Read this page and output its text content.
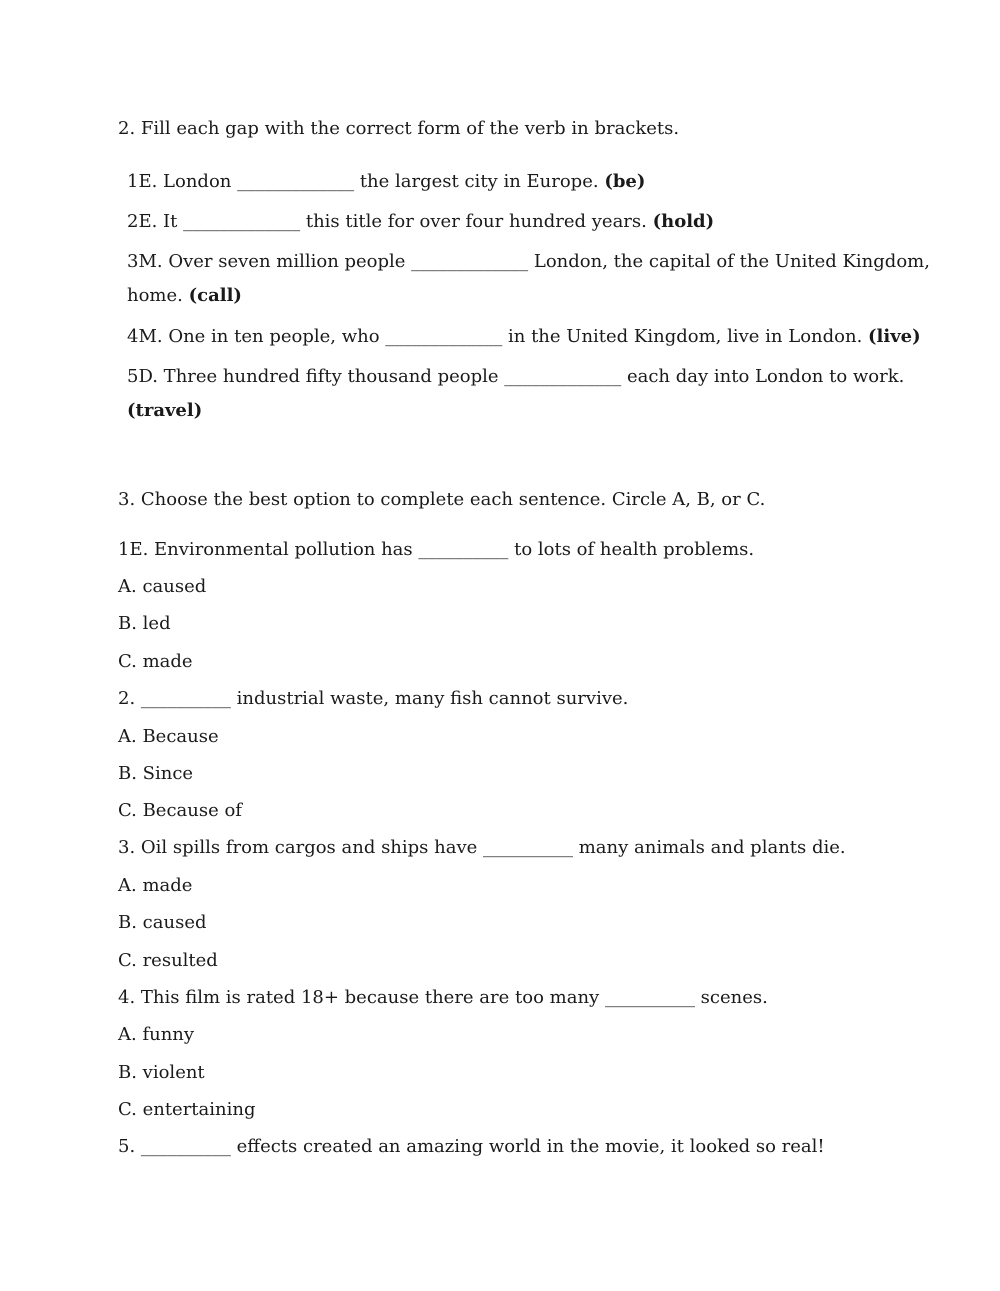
2. Fill each gap with the correct form of the verb in brackets.
1E. London _____________ the largest city in Europe. (be)
2E. It _____________ this title for over four hundred years. (hold)
3M. Over seven million people _____________ London, the capital of the United Kingdom,
home. (call)
4M. One in ten people, who _____________ in the United Kingdom, live in London. (live)
5D. Three hundred fifty thousand people _____________ each day into London to work.
(travel)
3. Choose the best option to complete each sentence. Circle A, B, or C.
1E. Environmental pollution has __________ to lots of health problems.
A. caused
B. led
C. made
2. __________ industrial waste, many fish cannot survive.
A. Because
B. Since
C. Because of
3. Oil spills from cargos and ships have __________ many animals and plants die.
A. made
B. caused
C. resulted
4. This film is rated 18+ because there are too many __________ scenes.
A. funny
B. violent
C. entertaining
5. __________ effects created an amazing world in the movie, it looked so real!
